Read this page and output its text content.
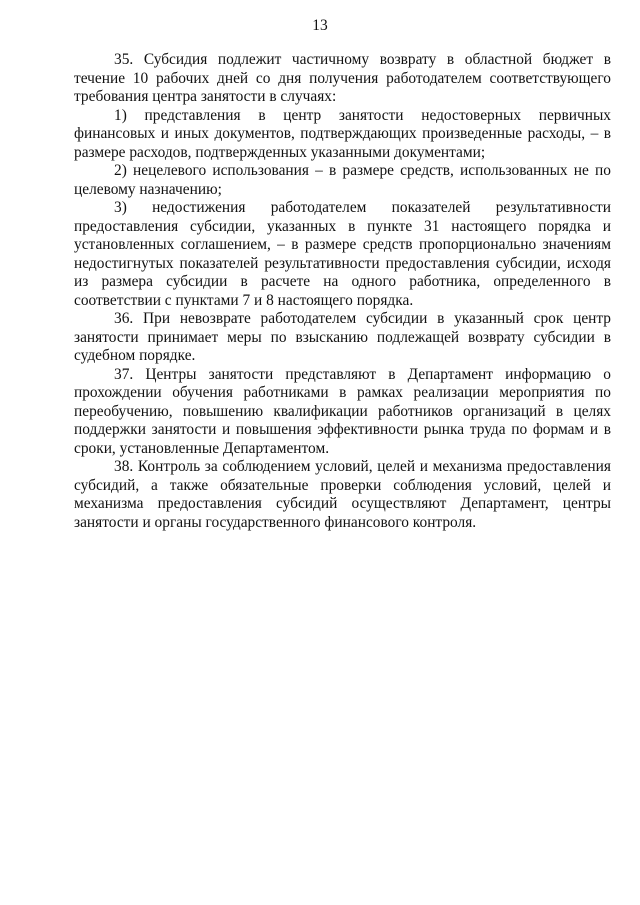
13

35. Субсидия подлежит частичному возврату в областной бюджет в течение 10 рабочих дней со дня получения работодателем соответствующего требования центра занятости в случаях:

1) представления в центр занятости недостоверных первичных финансовых и иных документов, подтверждающих произведенные расходы, – в размере расходов, подтвержденных указанными документами;

2) нецелевого использования – в размере средств, использованных не по целевому назначению;

3) недостижения работодателем показателей результативности предоставления субсидии, указанных в пункте 31 настоящего порядка и установленных соглашением, – в размере средств пропорционально значениям недостигнутых показателей результативности предоставления субсидии, исходя из размера субсидии в расчете на одного работника, определенного в соответствии с пунктами 7 и 8 настоящего порядка.

36. При невозврате работодателем субсидии в указанный срок центр занятости принимает меры по взысканию подлежащей возврату субсидии в судебном порядке.

37. Центры занятости представляют в Департамент информацию о прохождении обучения работниками в рамках реализации мероприятия по переобучению, повышению квалификации работников организаций в целях поддержки занятости и повышения эффективности рынка труда по формам и в сроки, установленные Департаментом.

38. Контроль за соблюдением условий, целей и механизма предоставления субсидий, а также обязательные проверки соблюдения условий, целей и механизма предоставления субсидий осуществляют Департамент, центры занятости и органы государственного финансового контроля.
